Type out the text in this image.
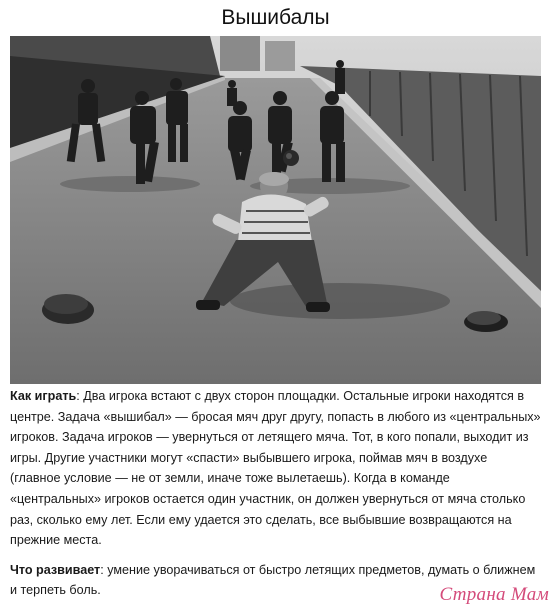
Вышибалы

Как играть: Два игрока встают с двух сторон площадки. Остальные игроки находятся в центре. Задача «вышибал» — бросая мяч друг другу, попасть в любого из «центральных» игроков. Задача игроков — увернуться от летящего мяча. Тот, в кого попали, выходит из игры. Другие участники могут «спасти» выбывшего игрока, поймав мяч в воздухе (главное условие — не от земли, иначе тоже вылетаешь). Когда в команде «центральных» игроков остается один участник, он должен увернуться от мяча столько раз, сколько ему лет. Если ему удается это сделать, все выбывшие возвращаются на прежние места.

Что развивает: умение уворачиваться от быстро летящих предметов, думать о ближнем и терпеть боль.	Страна Мам
